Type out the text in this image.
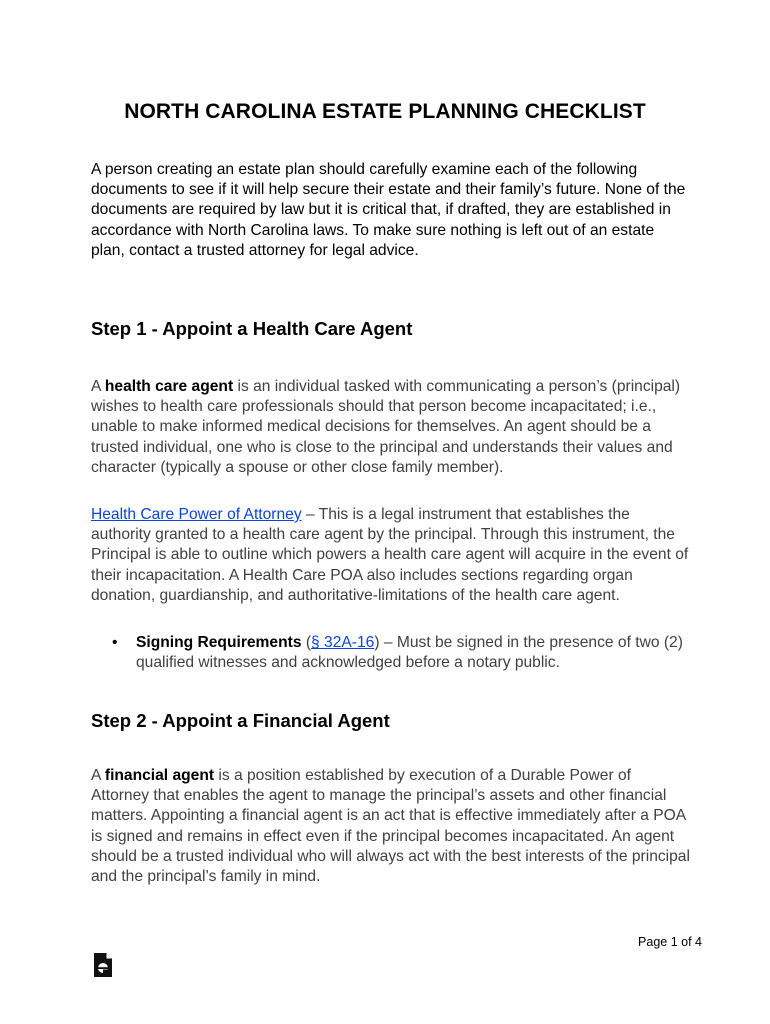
NORTH CAROLINA ESTATE PLANNING CHECKLIST

A person creating an estate plan should carefully examine each of the following documents to see if it will help secure their estate and their family’s future. None of the documents are required by law but it is critical that, if drafted, they are established in accordance with North Carolina laws. To make sure nothing is left out of an estate plan, contact a trusted attorney for legal advice.

Step 1 - Appoint a Health Care Agent

A health care agent is an individual tasked with communicating a person’s (principal) wishes to health care professionals should that person become incapacitated; i.e., unable to make informed medical decisions for themselves. An agent should be a trusted individual, one who is close to the principal and understands their values and character (typically a spouse or other close family member).

Health Care Power of Attorney – This is a legal instrument that establishes the authority granted to a health care agent by the principal. Through this instrument, the Principal is able to outline which powers a health care agent will acquire in the event of their incapacitation. A Health Care POA also includes sections regarding organ donation, guardianship, and authoritative-limitations of the health care agent.

• Signing Requirements (§ 32A-16) – Must be signed in the presence of two (2) qualified witnesses and acknowledged before a notary public.
Step 2 - Appoint a Financial Agent

A financial agent is a position established by execution of a Durable Power of Attorney that enables the agent to manage the principal’s assets and other financial matters. Appointing a financial agent is an act that is effective immediately after a POA is signed and remains in effect even if the principal becomes incapacitated. An agent should be a trusted individual who will always act with the best interests of the principal and the principal’s family in mind.

Page 1 of 4
